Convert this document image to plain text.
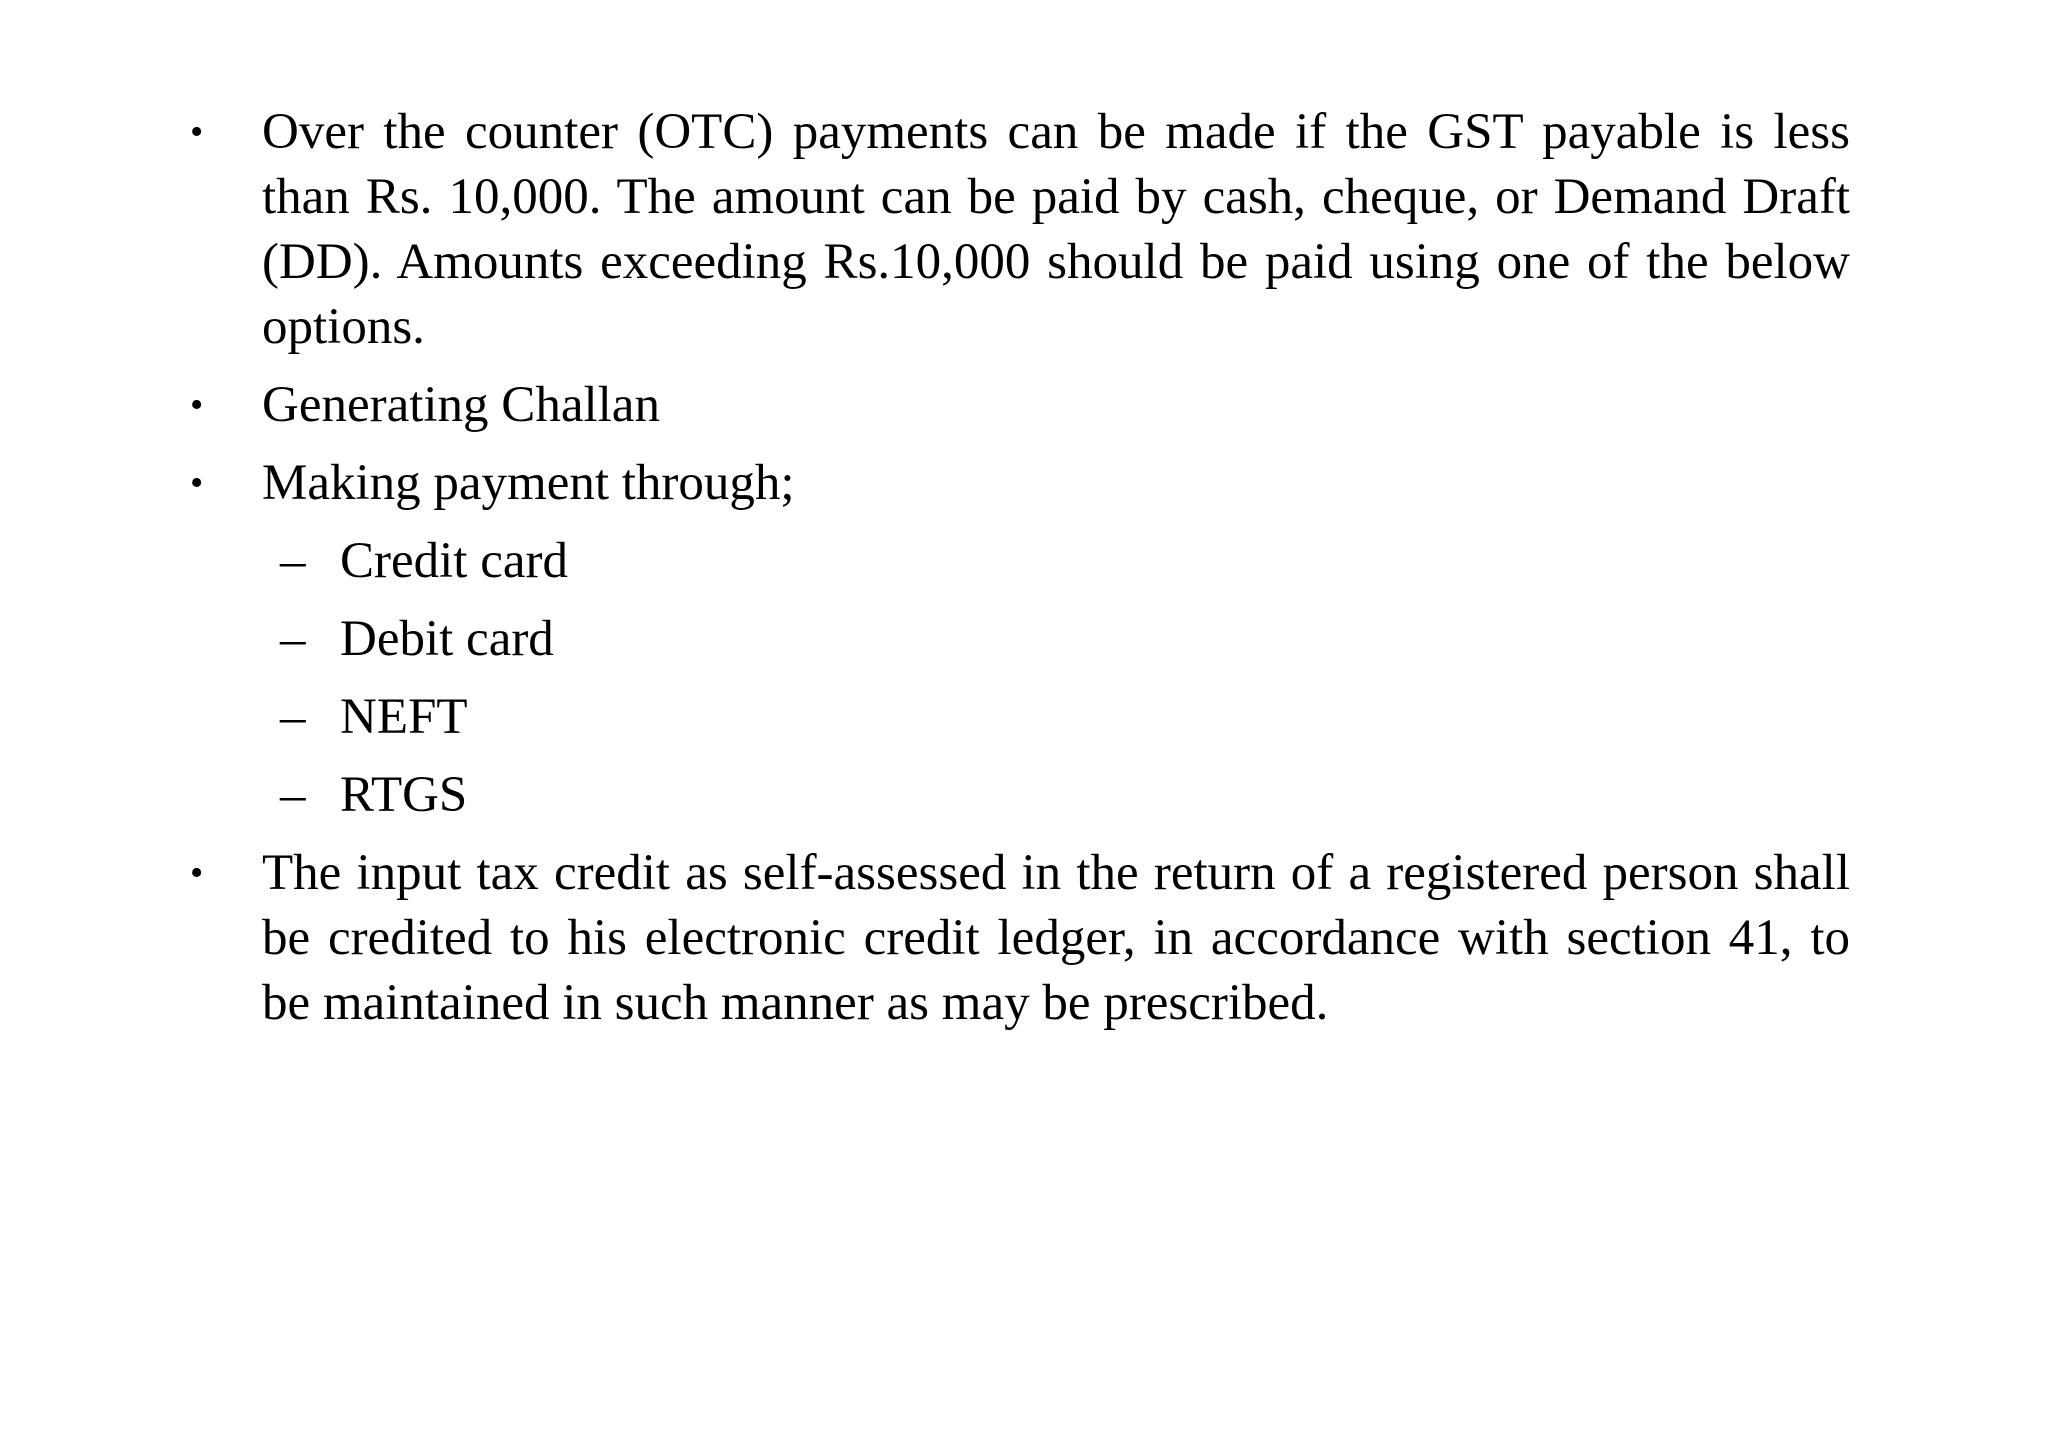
•	Over the counter (OTC) payments can be made if the GST payable is less than Rs. 10,000. The amount can be paid by cash, cheque, or Demand Draft (DD). Amounts exceeding Rs.10,000 should be paid using one of the below options.
•	Generating Challan
•	Making payment through;
– Credit card
– Debit card
– NEFT
– RTGS
•	The input tax credit as self-assessed in the return of a registered person shall be credited to his electronic credit ledger, in accordance with section 41, to be maintained in such manner as may be prescribed.
